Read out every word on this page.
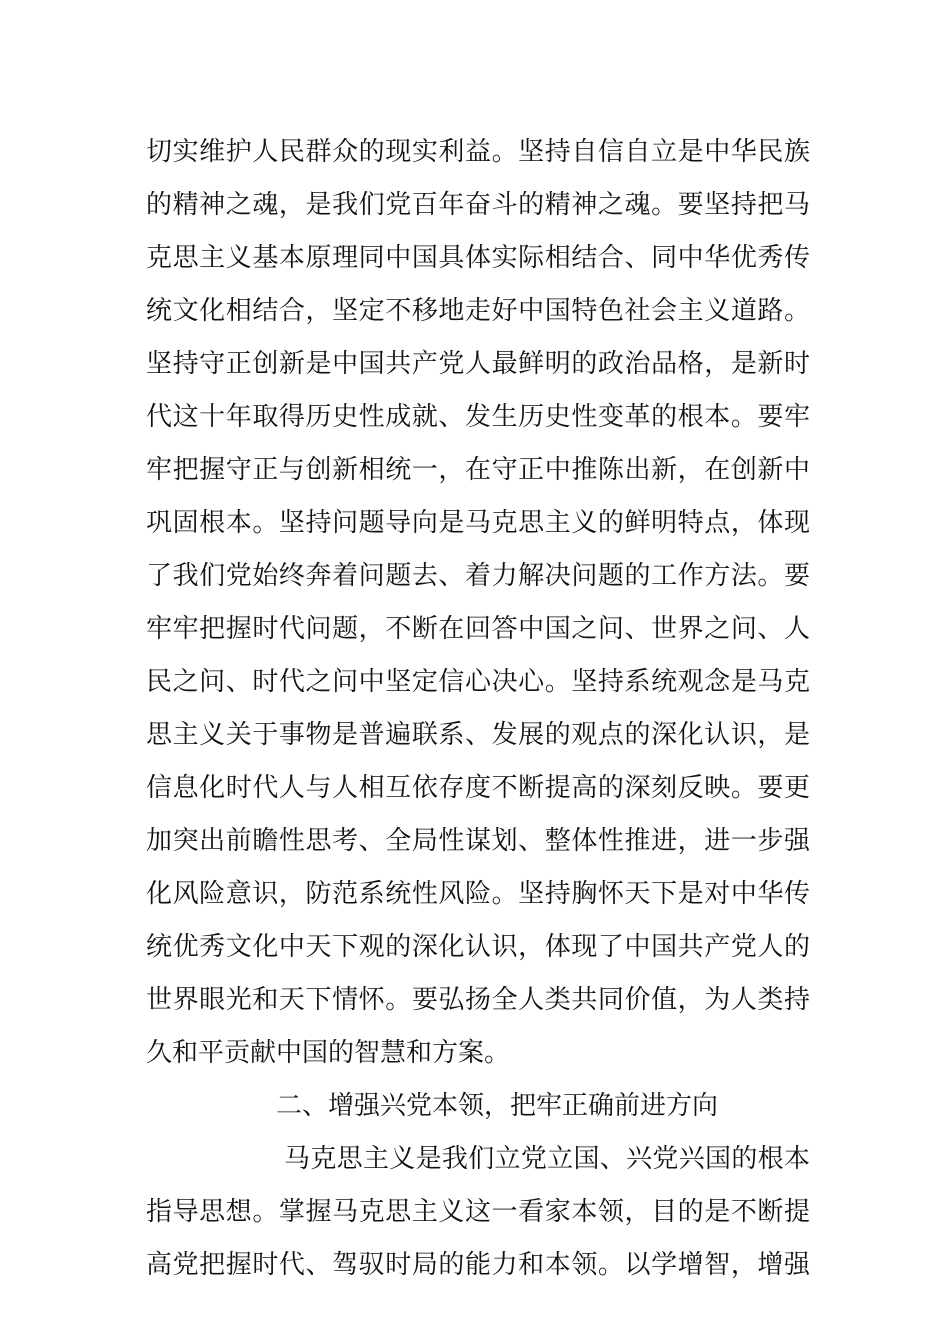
切实维护人民群众的现实利益。坚持自信自立是中华民族
的精神之魂，是我们党百年奋斗的精神之魂。要坚持把马
克思主义基本原理同中国具体实际相结合、同中华优秀传
统文化相结合，坚定不移地走好中国特色社会主义道路。
坚持守正创新是中国共产党人最鲜明的政治品格，是新时
代这十年取得历史性成就、发生历史性变革的根本。要牢
牢把握守正与创新相统一，在守正中推陈出新，在创新中
巩固根本。坚持问题导向是马克思主义的鲜明特点，体现
了我们党始终奔着问题去、着力解决问题的工作方法。要
牢牢把握时代问题，不断在回答中国之问、世界之问、人
民之问、时代之问中坚定信心决心。坚持系统观念是马克
思主义关于事物是普遍联系、发展的观点的深化认识，是
信息化时代人与人相互依存度不断提高的深刻反映。要更
加突出前瞻性思考、全局性谋划、整体性推进，进一步强
化风险意识，防范系统性风险。坚持胸怀天下是对中华传
统优秀文化中天下观的深化认识，体现了中国共产党人的
世界眼光和天下情怀。要弘扬全人类共同价值，为人类持
久和平贡献中国的智慧和方案。
二、增强兴党本领，把牢正确前进方向
马克思主义是我们立党立国、兴党兴国的根本
指导思想。掌握马克思主义这一看家本领，目的是不断提
高党把握时代、驾驭时局的能力和本领。以学增智，增强
